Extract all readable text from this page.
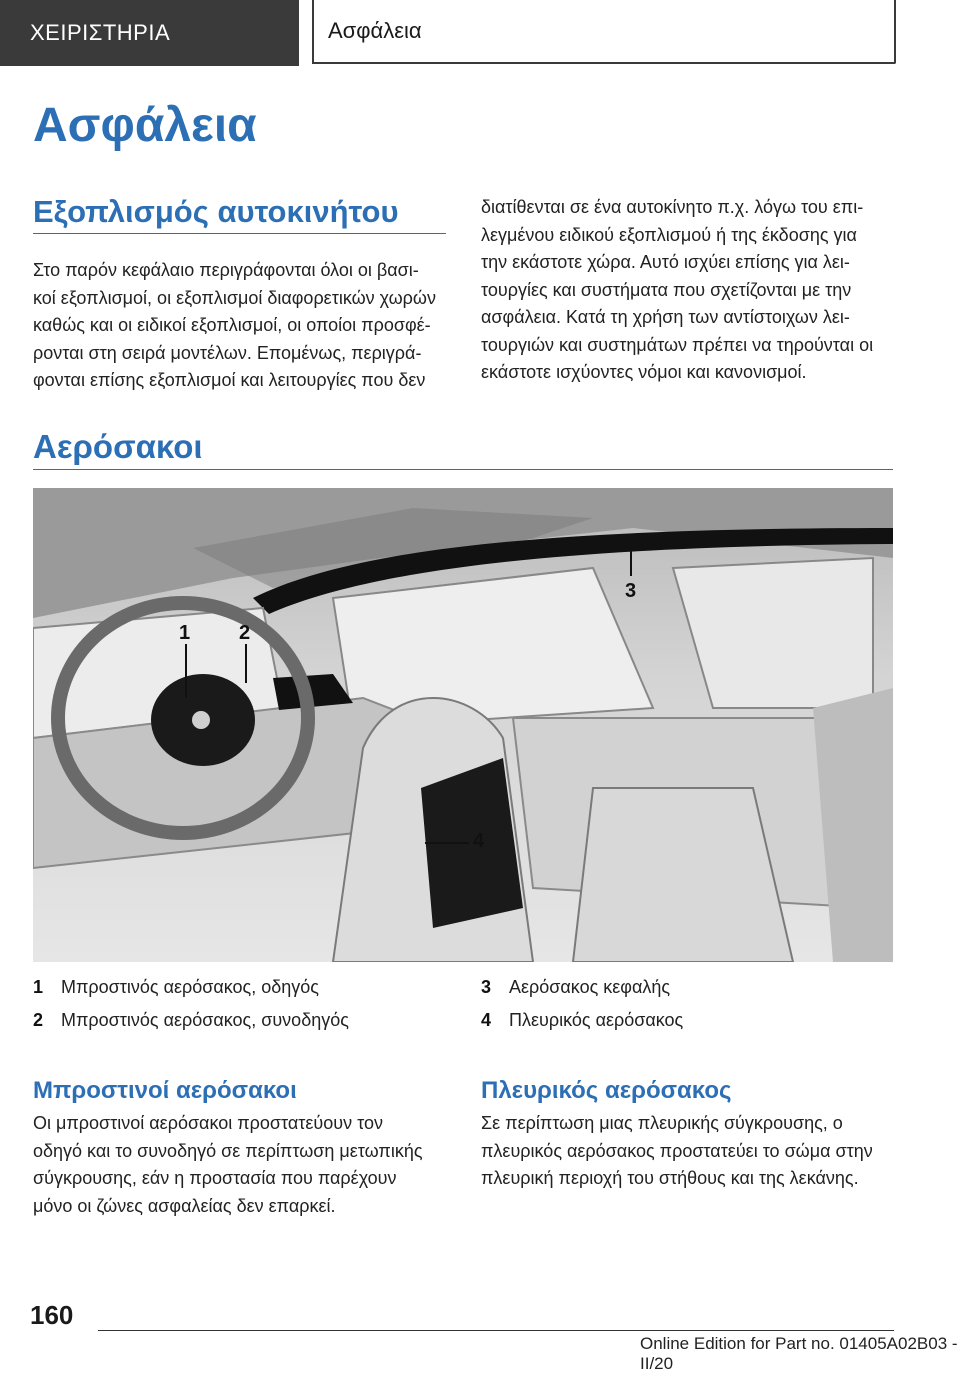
ΧΕΙΡΙΣΤΗΡΙΑ	Ασφάλεια
Ασφάλεια
Εξοπλισμός αυτοκινήτου
Στο παρόν κεφάλαιο περιγράφονται όλοι οι βασι-
κοί εξοπλισμοί, οι εξοπλισμοί διαφορετικών χωρών
καθώς και οι ειδικοί εξοπλισμοί, οι οποίοι προσφέ-
ρονται στη σειρά μοντέλων. Επομένως, περιγρά-
φονται επίσης εξοπλισμοί και λειτουργίες που δεν
διατίθενται σε ένα αυτοκίνητο π.χ. λόγω του επι-
λεγμένου ειδικού εξοπλισμού ή της έκδοσης για
την εκάστοτε χώρα. Αυτό ισχύει επίσης για λει-
τουργίες και συστήματα που σχετίζονται με την
ασφάλεια. Κατά τη χρήση των αντίστοιχων λει-
τουργιών και συστημάτων πρέπει να τηρούνται οι
εκάστοτε ισχύοντες νόμοι και κανονισμοί.
Αερόσακοι
1 2
3
4
1 Μπροστινός αερόσακος, οδηγός
2 Μπροστινός αερόσακος, συνοδηγός
3 Αερόσακος κεφαλής
4 Πλευρικός αερόσακος
Μπροστινοί αερόσακοι
Οι μπροστινοί αερόσακοι προστατεύουν τον
οδηγό και το συνοδηγό σε περίπτωση μετωπικής
σύγκρουσης, εάν η προστασία που παρέχουν
μόνο οι ζώνες ασφαλείας δεν επαρκεί.
Πλευρικός αερόσακος
Σε περίπτωση μιας πλευρικής σύγκρουσης, ο
πλευρικός αερόσακος προστατεύει το σώμα στην
πλευρική περιοχή του στήθους και της λεκάνης.
160
Online Edition for Part no. 01405A02B03 - II/20
